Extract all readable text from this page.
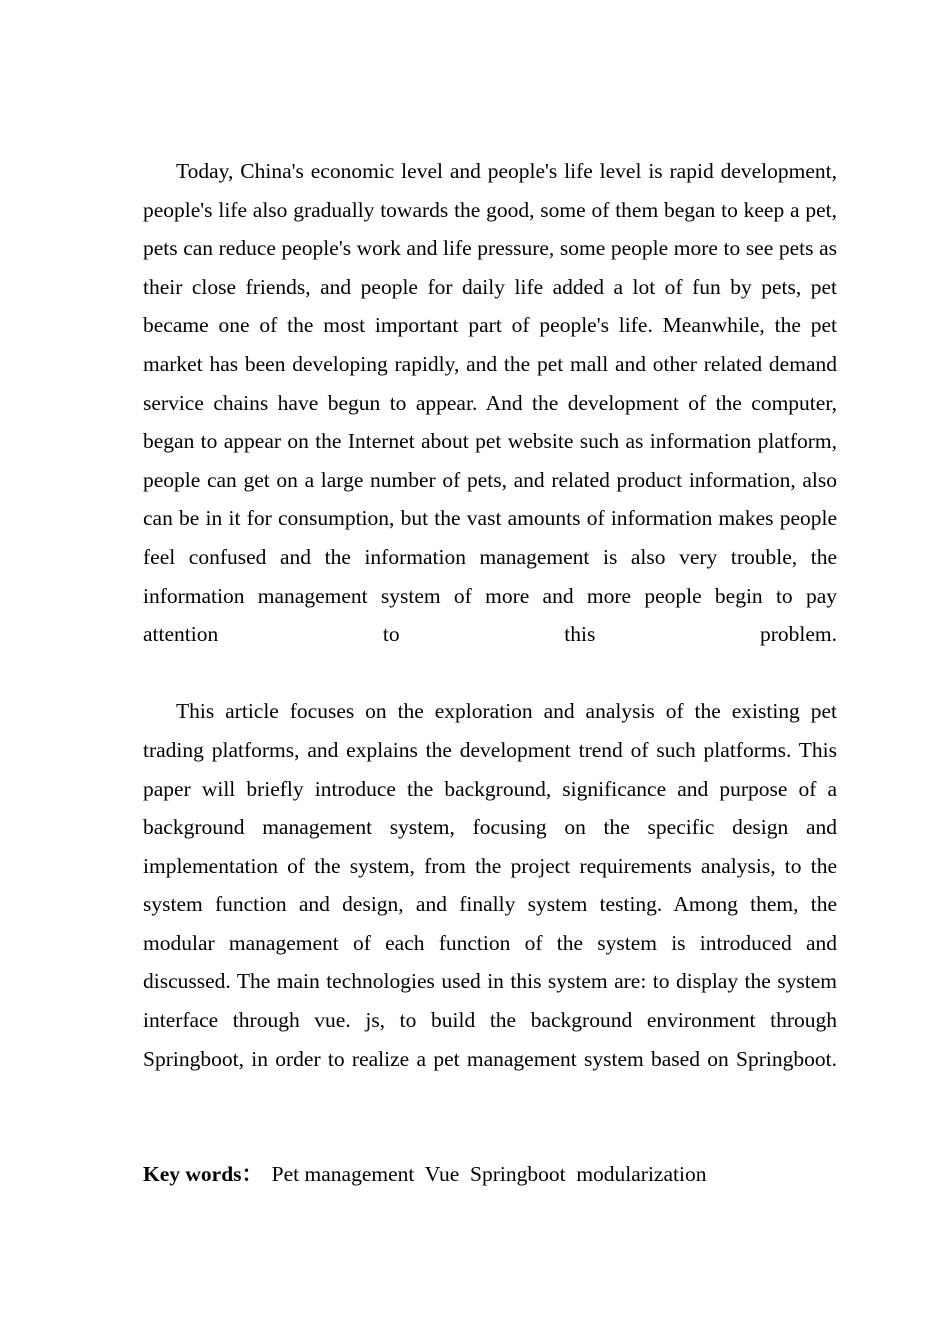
Today, China's economic level and people's life level is rapid development, people's life also gradually towards the good, some of them began to keep a pet, pets can reduce people's work and life pressure, some people more to see pets as their close friends, and people for daily life added a lot of fun by pets, pet became one of the most important part of people's life. Meanwhile, the pet market has been developing rapidly, and the pet mall and other related demand service chains have begun to appear. And the development of the computer, began to appear on the Internet about pet website such as information platform, people can get on a large number of pets, and related product information, also can be in it for consumption, but the vast amounts of information makes people feel confused and the information management is also very trouble, the information management system of more and more people begin to pay attention to this problem.

This article focuses on the exploration and analysis of the existing pet trading platforms, and explains the development trend of such platforms. This paper will briefly introduce the background, significance and purpose of a background management system, focusing on the specific design and implementation of the system, from the project requirements analysis, to the system function and design, and finally system testing. Among them, the modular management of each function of the system is introduced and discussed. The main technologies used in this system are: to display the system interface through vue. js, to build the background environment through Springboot, in order to realize a pet management system based on Springboot.

Key words：   Pet management  Vue  Springboot  modularization
